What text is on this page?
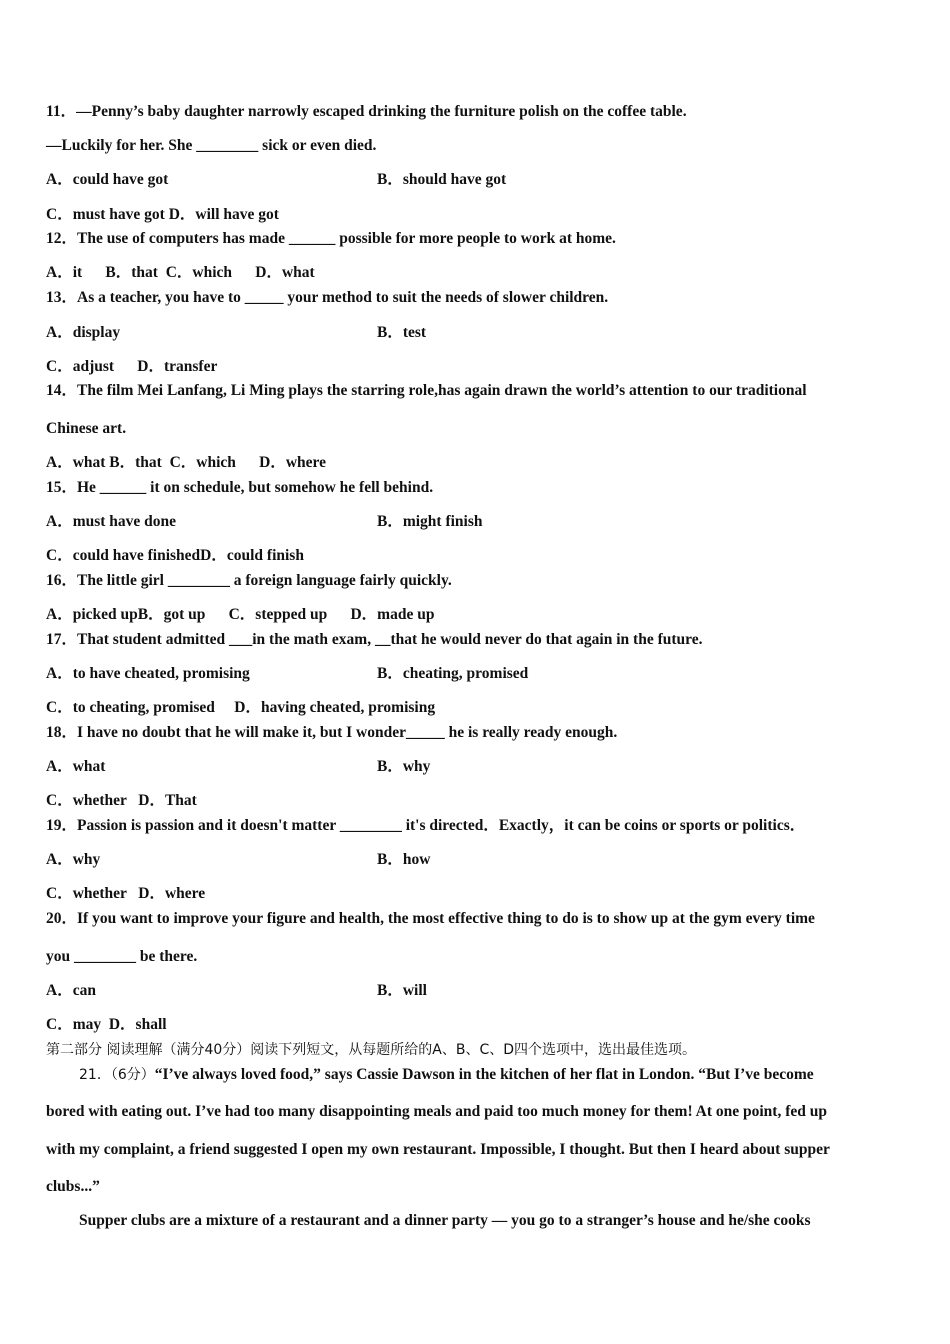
11．—Penny’s baby daughter narrowly escaped drinking the furniture polish on the coffee table.
—Luckily for her. She ________ sick or even died.
A．could have got	B．should have got
C．must have got D．will have got
12．The use of computers has made ______ possible for more people to work at home.
A．it      B．that  C．which      D．what
13．As a teacher, you have to _____ your method to suit the needs of slower children.
A．display	B．test
C．adjust      D．transfer
14．The film Mei Lanfang, Li Ming plays the starring role,has again drawn the world’s attention to our traditional
Chinese art.
A．what B．that  C．which      D．where
15．He ______ it on schedule, but somehow he fell behind.
A．must have done	B．might finish
C．could have finishedD．could finish
16．The little girl ________ a foreign language fairly quickly.
A．picked upB．got up      C．stepped up      D．made up
17．That student admitted ___in the math exam, __that he would never do that again in the future.
A．to have cheated, promising	B．cheating, promised
C．to cheating, promised     D．having cheated, promising
18．I have no doubt that he will make it, but I wonder_____ he is really ready enough.
A．what	B．why
C．whether   D．That
19．Passion is passion and it doesn't matter ________ it's directed．Exactly，it can be coins or sports or politics．
A．why	B．how
C．whether   D．where
20．If you want to improve your figure and health, the most effective thing to do is to show up at the gym every time
you ________ be there.
A．can	B．will
C．may  D．shall
第二部分 阅读理解（满分40分）阅读下列短文，从每题所给的A、B、C、D四个选项中，选出最佳选项。
21．（6分）“I’ve always loved food,” says Cassie Dawson in the kitchen of her flat in London. “But I’ve become
bored with eating out. I’ve had too many disappointing meals and paid too much money for them! At one point, fed up
with my complaint, a friend suggested I open my own restaurant. Impossible, I thought. But then I heard about supper
clubs...”
Supper clubs are a mixture of a restaurant and a dinner party — you go to a stranger’s house and he/she cooks
